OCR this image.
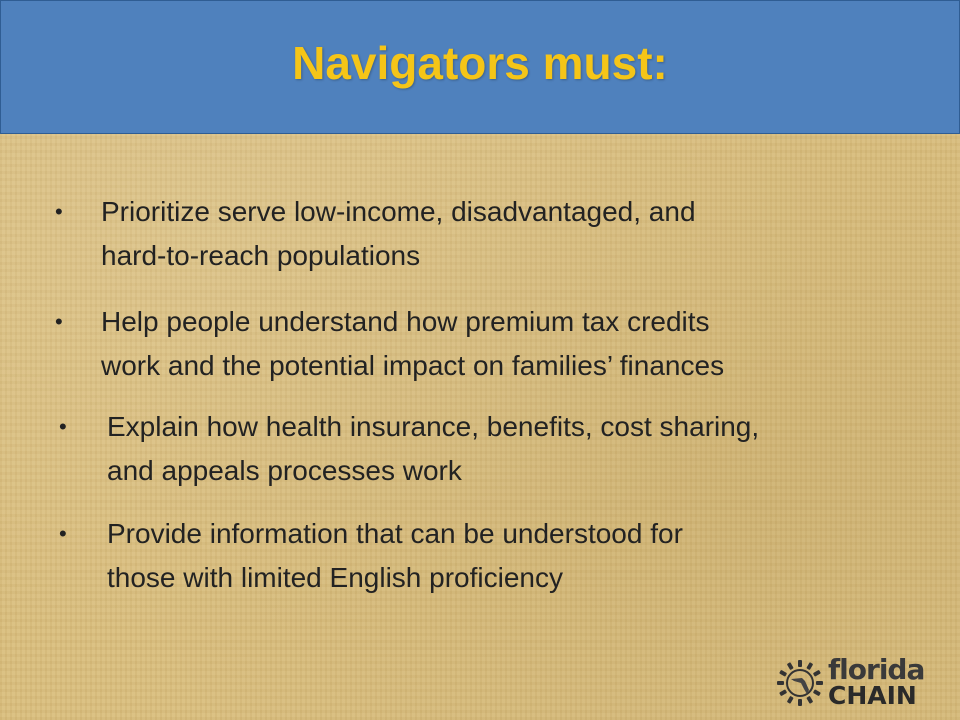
Navigators must:
• Prioritize serve low-income, disadvantaged, and
hard-to-reach populations
• Help people understand how premium tax credits
work and the potential impact on families’ finances
• Explain how health insurance, benefits, cost sharing,
and appeals processes work
• Provide information that can be understood for
those with limited English proficiency
florida
CHAIN
